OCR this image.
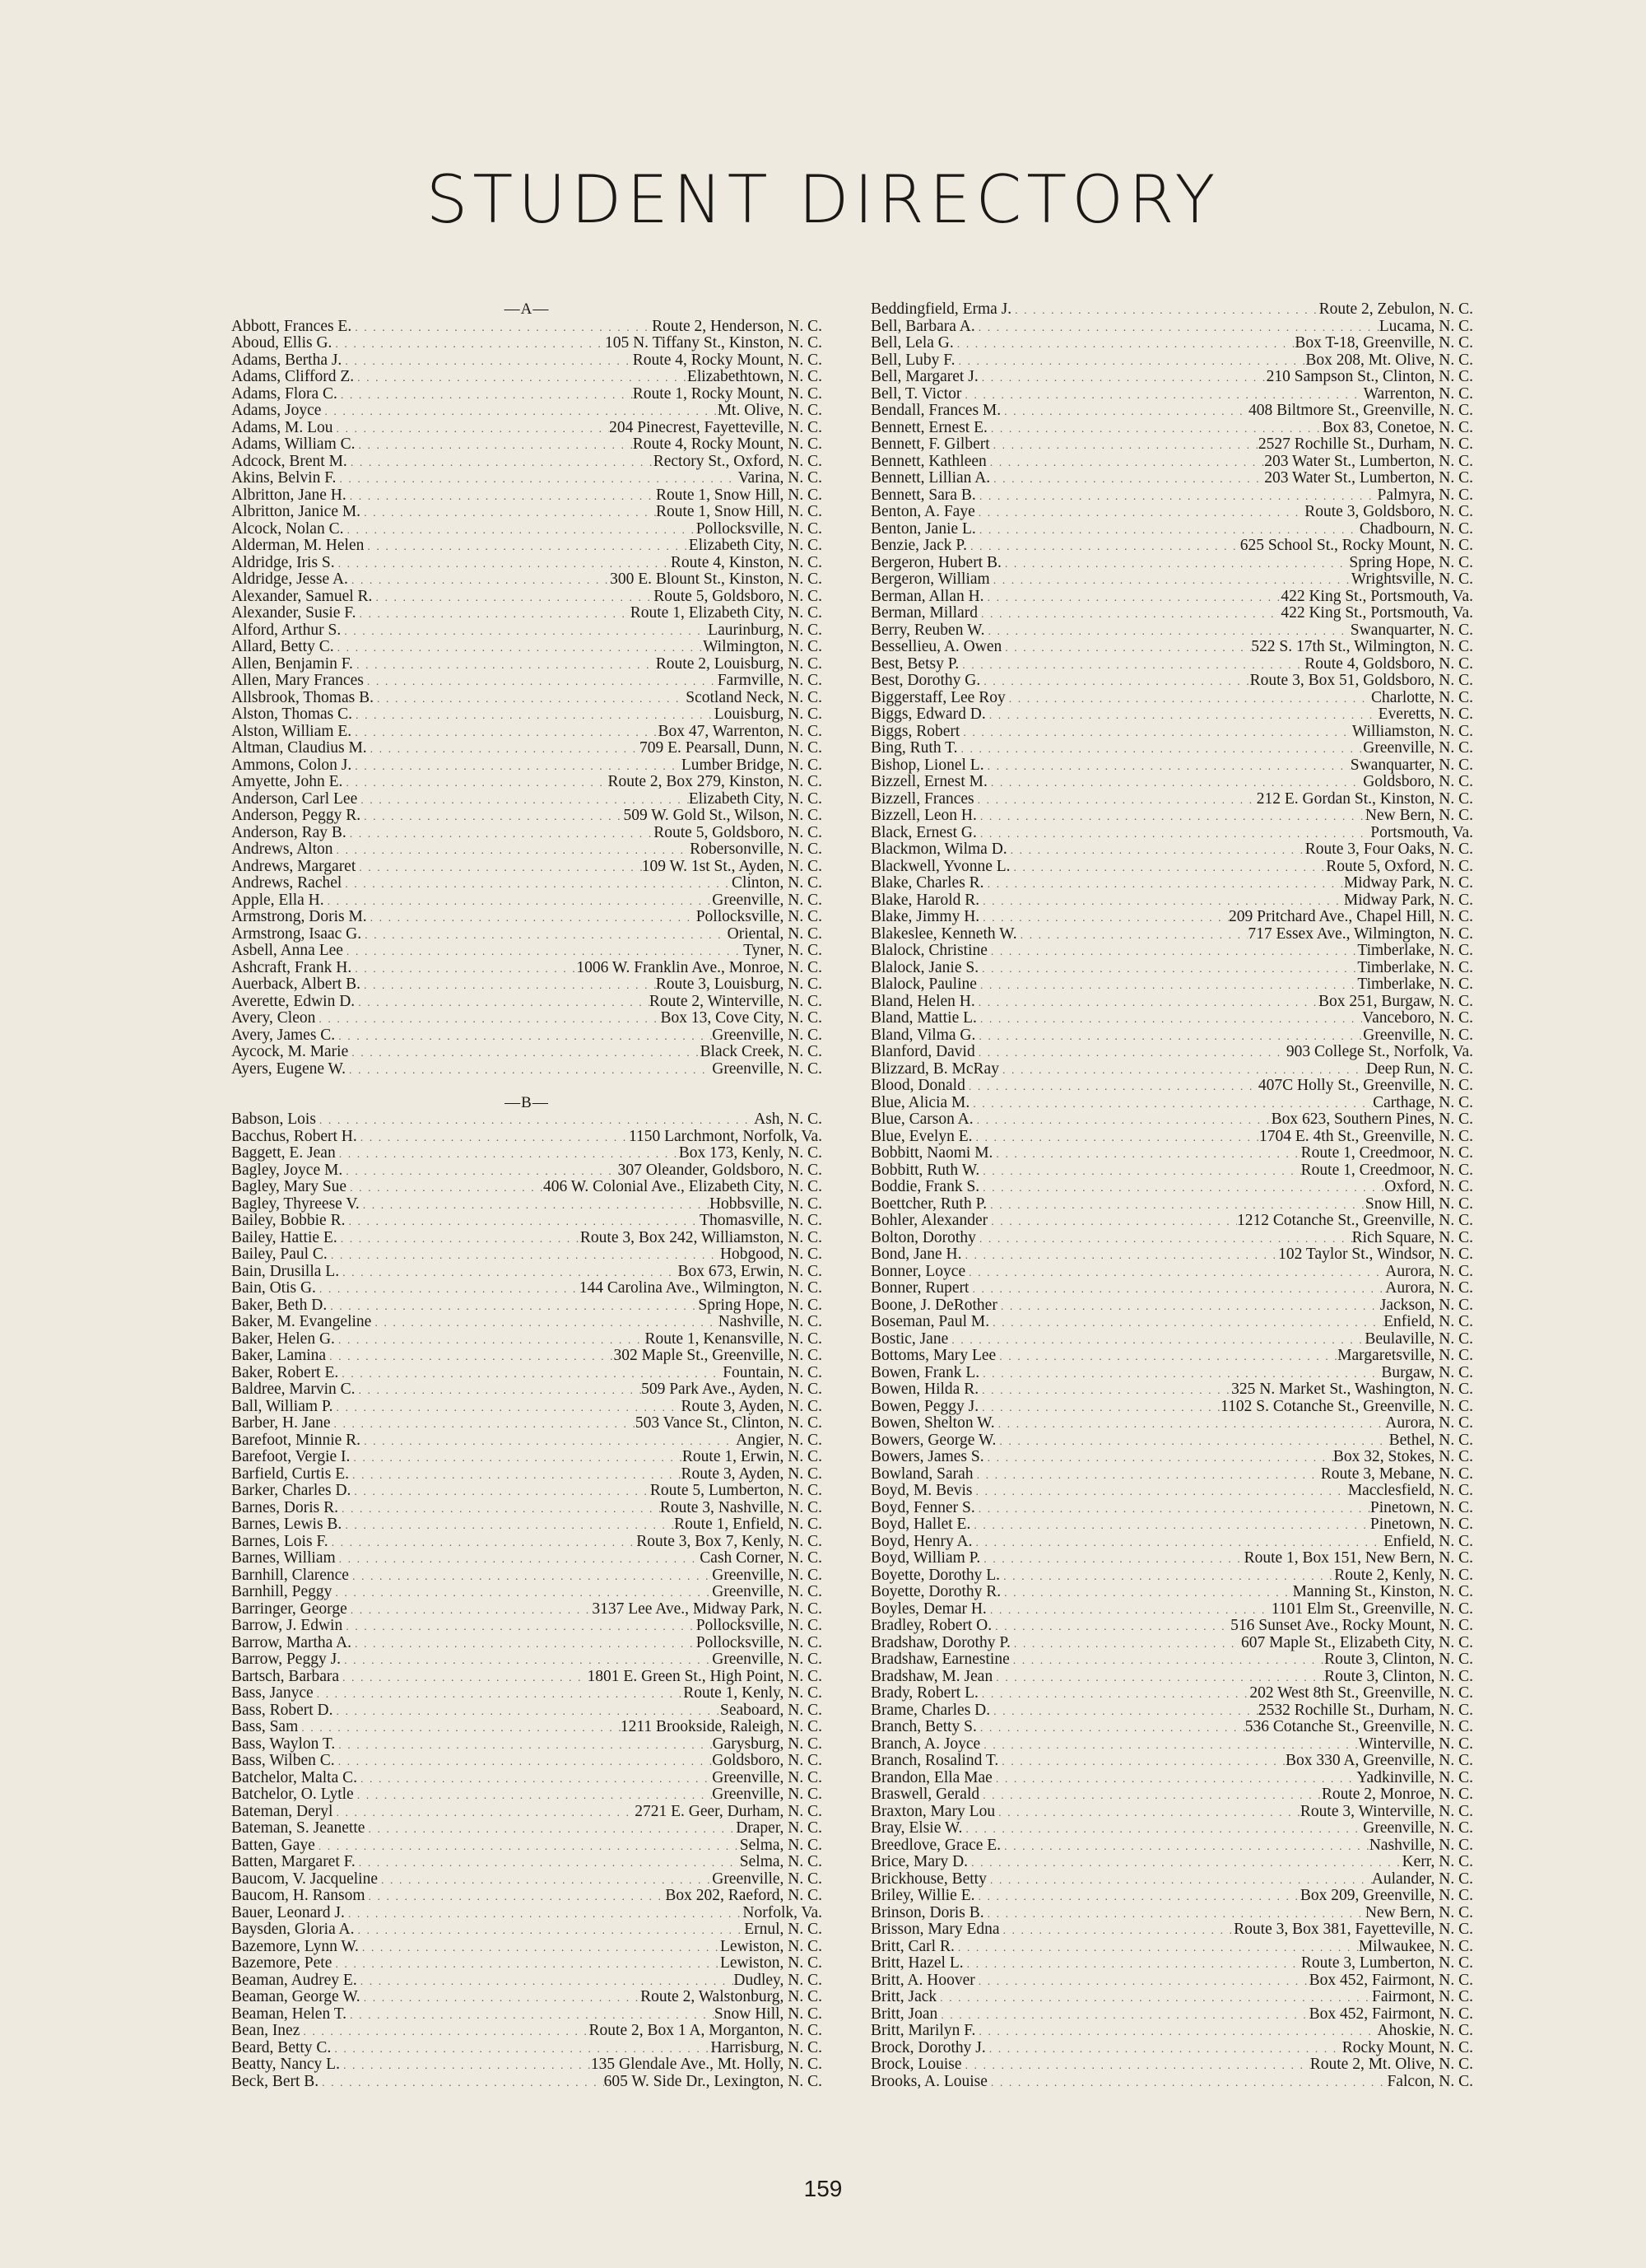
STUDENT DIRECTORY

—A—

Abbott, Frances E. . . .	Route 2, Henderson, N. C.
Aboud, Ellis G. . . .	105 N. Tiffany St., Kinston, N. C.
Adams, Bertha J. . . .	Route 4, Rocky Mount, N. C.
Adams, Clifford Z. . . .	Elizabethtown, N. C.
Adams, Flora C. . . .	Route 1, Rocky Mount, N. C.
Adams, Joyce . . .	Mt. Olive, N. C.
Adams, M. Lou . . .	204 Pinecrest, Fayetteville, N. C.
Adams, William C. . . .	Route 4, Rocky Mount, N. C.
Adcock, Brent M. . . .	Rectory St., Oxford, N. C.
Akins, Belvin F. . . .	Varina, N. C.
Albritton, Jane H. . . .	Route 1, Snow Hill, N. C.
Albritton, Janice M. . . .	Route 1, Snow Hill, N. C.
Alcock, Nolan C. . . .	Pollocksville, N. C.
Alderman, M. Helen . . .	Elizabeth City, N. C.
Aldridge, Iris S. . . .	Route 4, Kinston, N. C.
Aldridge, Jesse A. . . .	300 E. Blount St., Kinston, N. C.
Alexander, Samuel R. . . .	Route 5, Goldsboro, N. C.
Alexander, Susie F. . . .	Route 1, Elizabeth City, N. C.
Alford, Arthur S. . . .	Laurinburg, N. C.
Allard, Betty C. . . .	Wilmington, N. C.
Allen, Benjamin F. . . .	Route 2, Louisburg, N. C.
Allen, Mary Frances . . .	Farmville, N. C.
Allsbrook, Thomas B. . . .	Scotland Neck, N. C.
Alston, Thomas C. . . .	Louisburg, N. C.
Alston, William E. . . .	Box 47, Warrenton, N. C.
Altman, Claudius M. . . .	709 E. Pearsall, Dunn, N. C.
Ammons, Colon J. . . .	Lumber Bridge, N. C.
Amyette, John E. . . .	Route 2, Box 279, Kinston, N. C.
Anderson, Carl Lee . . .	Elizabeth City, N. C.
Anderson, Peggy R. . . .	509 W. Gold St., Wilson, N. C.
Anderson, Ray B. . . .	Route 5, Goldsboro, N. C.
Andrews, Alton . . .	Robersonville, N. C.
Andrews, Margaret . . .	109 W. 1st St., Ayden, N. C.
Andrews, Rachel . . .	Clinton, N. C.
Apple, Ella H. . . .	Greenville, N. C.
Armstrong, Doris M. . . .	Pollocksville, N. C.
Armstrong, Isaac G. . . .	Oriental, N. C.
Asbell, Anna Lee . . .	Tyner, N. C.
Ashcraft, Frank H. . . .	1006 W. Franklin Ave., Monroe, N. C.
Auerback, Albert B. . . .	Route 3, Louisburg, N. C.
Averette, Edwin D. . . .	Route 2, Winterville, N. C.
Avery, Cleon . . .	Box 13, Cove City, N. C.
Avery, James C. . . .	Greenville, N. C.
Aycock, M. Marie . . .	Black Creek, N. C.
Ayers, Eugene W. . . .	Greenville, N. C.

—B—

Babson, Lois . . .	Ash, N. C.
Bacchus, Robert H. . . .	1150 Larchmont, Norfolk, Va.
Baggett, E. Jean . . .	Box 173, Kenly, N. C.
Bagley, Joyce M. . . .	307 Oleander, Goldsboro, N. C.
Bagley, Mary Sue . . .	406 W. Colonial Ave., Elizabeth City, N. C.
Bagley, Thyreese V. . . .	Hobbsville, N. C.
Bailey, Bobbie R. . . .	Thomasville, N. C.
Bailey, Hattie E. . . .	Route 3, Box 242, Williamston, N. C.
Bailey, Paul C. . . .	Hobgood, N. C.
Bain, Drusilla L. . . .	Box 673, Erwin, N. C.
Bain, Otis G. . . .	144 Carolina Ave., Wilmington, N. C.
Baker, Beth D. . . .	Spring Hope, N. C.
Baker, M. Evangeline . . .	Nashville, N. C.
Baker, Helen G. . . .	Route 1, Kenansville, N. C.
Baker, Lamina . . .	302 Maple St., Greenville, N. C.
Baker, Robert E. . . .	Fountain, N. C.
Baldree, Marvin C. . . .	509 Park Ave., Ayden, N. C.
Ball, William P. . . .	Route 3, Ayden, N. C.
Barber, H. Jane . . .	503 Vance St., Clinton, N. C.
Barefoot, Minnie R. . . .	Angier, N. C.
Barefoot, Vergie I. . . .	Route 1, Erwin, N. C.
Barfield, Curtis E. . . .	Route 3, Ayden, N. C.
Barker, Charles D. . . .	Route 5, Lumberton, N. C.
Barnes, Doris R. . . .	Route 3, Nashville, N. C.
Barnes, Lewis B. . . .	Route 1, Enfield, N. C.
Barnes, Lois F. . . .	Route 3, Box 7, Kenly, N. C.
Barnes, William . . .	Cash Corner, N. C.
Barnhill, Clarence . . .	Greenville, N. C.
Barnhill, Peggy . . .	Greenville, N. C.
Barringer, George . . .	3137 Lee Ave., Midway Park, N. C.
Barrow, J. Edwin . . .	Pollocksville, N. C.
Barrow, Martha A. . . .	Pollocksville, N. C.
Barrow, Peggy J. . . .	Greenville, N. C.
Bartsch, Barbara . . .	1801 E. Green St., High Point, N. C.
Bass, Janyce . . .	Route 1, Kenly, N. C.
Bass, Robert D. . . .	Seaboard, N. C.
Bass, Sam . . .	1211 Brookside, Raleigh, N. C.
Bass, Waylon T. . . .	Garysburg, N. C.
Bass, Wilben C. . . .	Goldsboro, N. C.
Batchelor, Malta C. . . .	Greenville, N. C.
Batchelor, O. Lytle . . .	Greenville, N. C.
Bateman, Deryl . . .	2721 E. Geer, Durham, N. C.
Bateman, S. Jeanette . . .	Draper, N. C.
Batten, Gaye . . .	Selma, N. C.
Batten, Margaret F. . . .	Selma, N. C.
Baucom, V. Jacqueline . . .	Greenville, N. C.
Baucom, H. Ransom . . .	Box 202, Raeford, N. C.
Bauer, Leonard J. . . .	Norfolk, Va.
Baysden, Gloria A. . . .	Ernul, N. C.
Bazemore, Lynn W. . . .	Lewiston, N. C.
Bazemore, Pete . . .	Lewiston, N. C.
Beaman, Audrey E. . . .	Dudley, N. C.
Beaman, George W. . . .	Route 2, Walstonburg, N. C.
Beaman, Helen T. . . .	Snow Hill, N. C.
Bean, Inez . . .	Route 2, Box 1 A, Morganton, N. C.
Beard, Betty C. . . .	Harrisburg, N. C.
Beatty, Nancy L. . . .	135 Glendale Ave., Mt. Holly, N. C.
Beck, Bert B. . . .	605 W. Side Dr., Lexington, N. C.
Beddingfield, Erma J. . . .	Route 2, Zebulon, N. C.
Bell, Barbara A. . . .	Lucama, N. C.
Bell, Lela G. . . .	Box T-18, Greenville, N. C.
Bell, Luby F. . . .	Box 208, Mt. Olive, N. C.
Bell, Margaret J. . . .	210 Sampson St., Clinton, N. C.
Bell, T. Victor . . .	Warrenton, N. C.
Bendall, Frances M. . . .	408 Biltmore St., Greenville, N. C.
Bennett, Ernest E. . . .	Box 83, Conetoe, N. C.
Bennett, F. Gilbert . . .	2527 Rochille St., Durham, N. C.
Bennett, Kathleen . . .	203 Water St., Lumberton, N. C.
Bennett, Lillian A. . . .	203 Water St., Lumberton, N. C.
Bennett, Sara B. . . .	Palmyra, N. C.
Benton, A. Faye . . .	Route 3, Goldsboro, N. C.
Benton, Janie L. . . .	Chadbourn, N. C.
Benzie, Jack P. . . .	625 School St., Rocky Mount, N. C.
Bergeron, Hubert B. . . .	Spring Hope, N. C.
Bergeron, William . . .	Wrightsville, N. C.
Berman, Allan H. . . .	422 King St., Portsmouth, Va.
Berman, Millard . . .	422 King St., Portsmouth, Va.
Berry, Reuben W. . . .	Swanquarter, N. C.
Bessellieu, A. Owen . . .	522 S. 17th St., Wilmington, N. C.
Best, Betsy P. . . .	Route 4, Goldsboro, N. C.
Best, Dorothy G. . . .	Route 3, Box 51, Goldsboro, N. C.
Biggerstaff, Lee Roy . . .	Charlotte, N. C.
Biggs, Edward D. . . .	Everetts, N. C.
Biggs, Robert . . .	Williamston, N. C.
Bing, Ruth T. . . .	Greenville, N. C.
Bishop, Lionel L. . . .	Swanquarter, N. C.
Bizzell, Ernest M. . . .	Goldsboro, N. C.
Bizzell, Frances . . .	212 E. Gordan St., Kinston, N. C.
Bizzell, Leon H. . . .	New Bern, N. C.
Black, Ernest G. . . .	Portsmouth, Va.
Blackmon, Wilma D. . . .	Route 3, Four Oaks, N. C.
Blackwell, Yvonne L. . . .	Route 5, Oxford, N. C.
Blake, Charles R. . . .	Midway Park, N. C.
Blake, Harold R. . . .	Midway Park, N. C.
Blake, Jimmy H. . . .	209 Pritchard Ave., Chapel Hill, N. C.
Blakeslee, Kenneth W. . . .	717 Essex Ave., Wilmington, N. C.
Blalock, Christine . . .	Timberlake, N. C.
Blalock, Janie S. . . .	Timberlake, N. C.
Blalock, Pauline . . .	Timberlake, N. C.
Bland, Helen H. . . .	Box 251, Burgaw, N. C.
Bland, Mattie L. . . .	Vanceboro, N. C.
Bland, Vilma G. . . .	Greenville, N. C.
Blanford, David . . .	903 College St., Norfolk, Va.
Blizzard, B. McRay . . .	Deep Run, N. C.
Blood, Donald . . .	407C Holly St., Greenville, N. C.
Blue, Alicia M. . . .	Carthage, N. C.
Blue, Carson A. . . .	Box 623, Southern Pines, N. C.
Blue, Evelyn E. . . .	1704 E. 4th St., Greenville, N. C.
Bobbitt, Naomi M. . . .	Route 1, Creedmoor, N. C.
Bobbitt, Ruth W. . . .	Route 1, Creedmoor, N. C.
Boddie, Frank S. . . .	Oxford, N. C.
Boettcher, Ruth P. . . .	Snow Hill, N. C.
Bohler, Alexander . . .	1212 Cotanche St., Greenville, N. C.
Bolton, Dorothy . . .	Rich Square, N. C.
Bond, Jane H. . . .	102 Taylor St., Windsor, N. C.
Bonner, Loyce . . .	Aurora, N. C.
Bonner, Rupert . . .	Aurora, N. C.
Boone, J. DeRother . . .	Jackson, N. C.
Boseman, Paul M. . . .	Enfield, N. C.
Bostic, Jane . . .	Beulaville, N. C.
Bottoms, Mary Lee . . .	Margaretsville, N. C.
Bowen, Frank L. . . .	Burgaw, N. C.
Bowen, Hilda R. . . .	325 N. Market St., Washington, N. C.
Bowen, Peggy J. . . .	1102 S. Cotanche St., Greenville, N. C.
Bowen, Shelton W. . . .	Aurora, N. C.
Bowers, George W. . . .	Bethel, N. C.
Bowers, James S. . . .	Box 32, Stokes, N. C.
Bowland, Sarah . . .	Route 3, Mebane, N. C.
Boyd, M. Bevis . . .	Macclesfield, N. C.
Boyd, Fenner S. . . .	Pinetown, N. C.
Boyd, Hallet E. . . .	Pinetown, N. C.
Boyd, Henry A. . . .	Enfield, N. C.
Boyd, William P. . . .	Route 1, Box 151, New Bern, N. C.
Boyette, Dorothy L. . . .	Route 2, Kenly, N. C.
Boyette, Dorothy R. . . .	Manning St., Kinston, N. C.
Boyles, Demar H. . . .	1101 Elm St., Greenville, N. C.
Bradley, Robert O. . . .	516 Sunset Ave., Rocky Mount, N. C.
Bradshaw, Dorothy P. . . .	607 Maple St., Elizabeth City, N. C.
Bradshaw, Earnestine . . .	Route 3, Clinton, N. C.
Bradshaw, M. Jean . . .	Route 3, Clinton, N. C.
Brady, Robert L. . . .	202 West 8th St., Greenville, N. C.
Brame, Charles D. . . .	2532 Rochille St., Durham, N. C.
Branch, Betty S. . . .	536 Cotanche St., Greenville, N. C.
Branch, A. Joyce . . .	Winterville, N. C.
Branch, Rosalind T. . . .	Box 330 A, Greenville, N. C.
Brandon, Ella Mae . . .	Yadkinville, N. C.
Braswell, Gerald . . .	Route 2, Monroe, N. C.
Braxton, Mary Lou . . .	Route 3, Winterville, N. C.
Bray, Elsie W. . . .	Greenville, N. C.
Breedlove, Grace E. . . .	Nashville, N. C.
Brice, Mary D. . . .	Kerr, N. C.
Brickhouse, Betty . . .	Aulander, N. C.
Briley, Willie E. . . .	Box 209, Greenville, N. C.
Brinson, Doris B. . . .	New Bern, N. C.
Brisson, Mary Edna . . .	Route 3, Box 381, Fayetteville, N. C.
Britt, Carl R. . . .	Milwaukee, N. C.
Britt, Hazel L. . . .	Route 3, Lumberton, N. C.
Britt, A. Hoover . . .	Box 452, Fairmont, N. C.
Britt, Jack . . .	Fairmont, N. C.
Britt, Joan . . .	Box 452, Fairmont, N. C.
Britt, Marilyn F. . . .	Ahoskie, N. C.
Brock, Dorothy J. . . .	Rocky Mount, N. C.
Brock, Louise . . .	Route 2, Mt. Olive, N. C.
Brooks, A. Louise . . .	Falcon, N. C.

159
